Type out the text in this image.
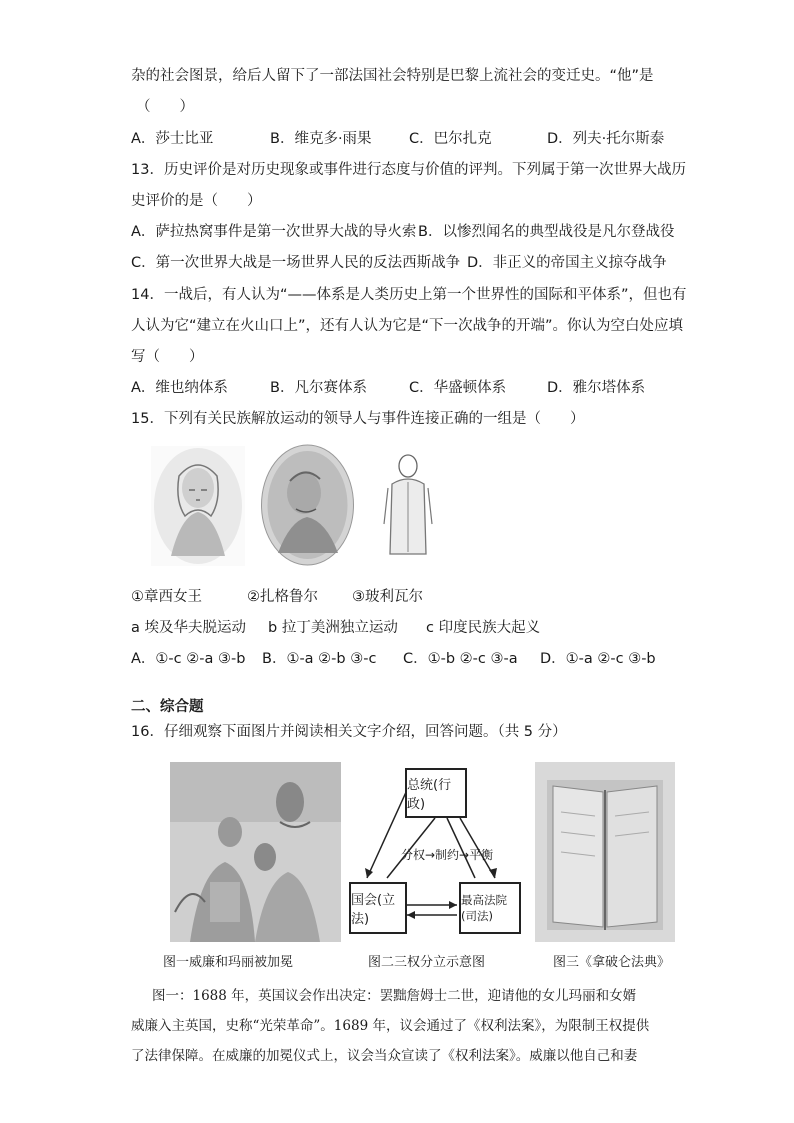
杂的社会图景，给后人留下了一部法国社会特别是巴黎上流社会的变迁史。“他”是
（　　）
A．莎士比亚	B．维克多·雨果	C．巴尔扎克	D．列夫·托尔斯泰
13．历史评价是对历史现象或事件进行态度与价值的评判。下列属于第一次世界大战历
史评价的是（　　）
A．萨拉热窝事件是第一次世界大战的导火索 B．以惨烈闻名的典型战役是凡尔登战役
C．第一次世界大战是一场世界人民的反法西斯战争 D．非正义的帝国主义掠夺战争
14．一战后，有人认为“——体系是人类历史上第一个世界性的国际和平体系”，但也有
人认为它“建立在火山口上”，还有人认为它是“下一次战争的开端”。你认为空白处应填
写（　　）
A．维也纳体系	B．凡尔赛体系	C．华盛顿体系	D．雅尔塔体系
15．下列有关民族解放运动的领导人与事件连接正确的一组是（　　）
①章西女王	②扎格鲁尔 ③玻利瓦尔
a 埃及华夫脱运动 b 拉丁美洲独立运动 c 印度民族大起义
A．①-c ②-a ③-b B．①-a ②-b ③-c C．①-b ②-c ③-a D．①-a ②-c ③-b
二、综合题
16．仔细观察下面图片并阅读相关文字介绍，回答问题。（共 5 分）
总统(行政)
分权→制约→平衡
国会(立法)
最高法院(司法)
图一威廉和玛丽被加冕	图二三权分立示意图	图三《拿破仑法典》
图一：1688 年，英国议会作出决定：罢黜詹姆士二世，迎请他的女儿玛丽和女婿
威廉入主英国，史称“光荣革命”。1689 年，议会通过了《权利法案》，为限制王权提供
了法律保障。在威廉的加冕仪式上，议会当众宣读了《权利法案》。威廉以他自己和妻
